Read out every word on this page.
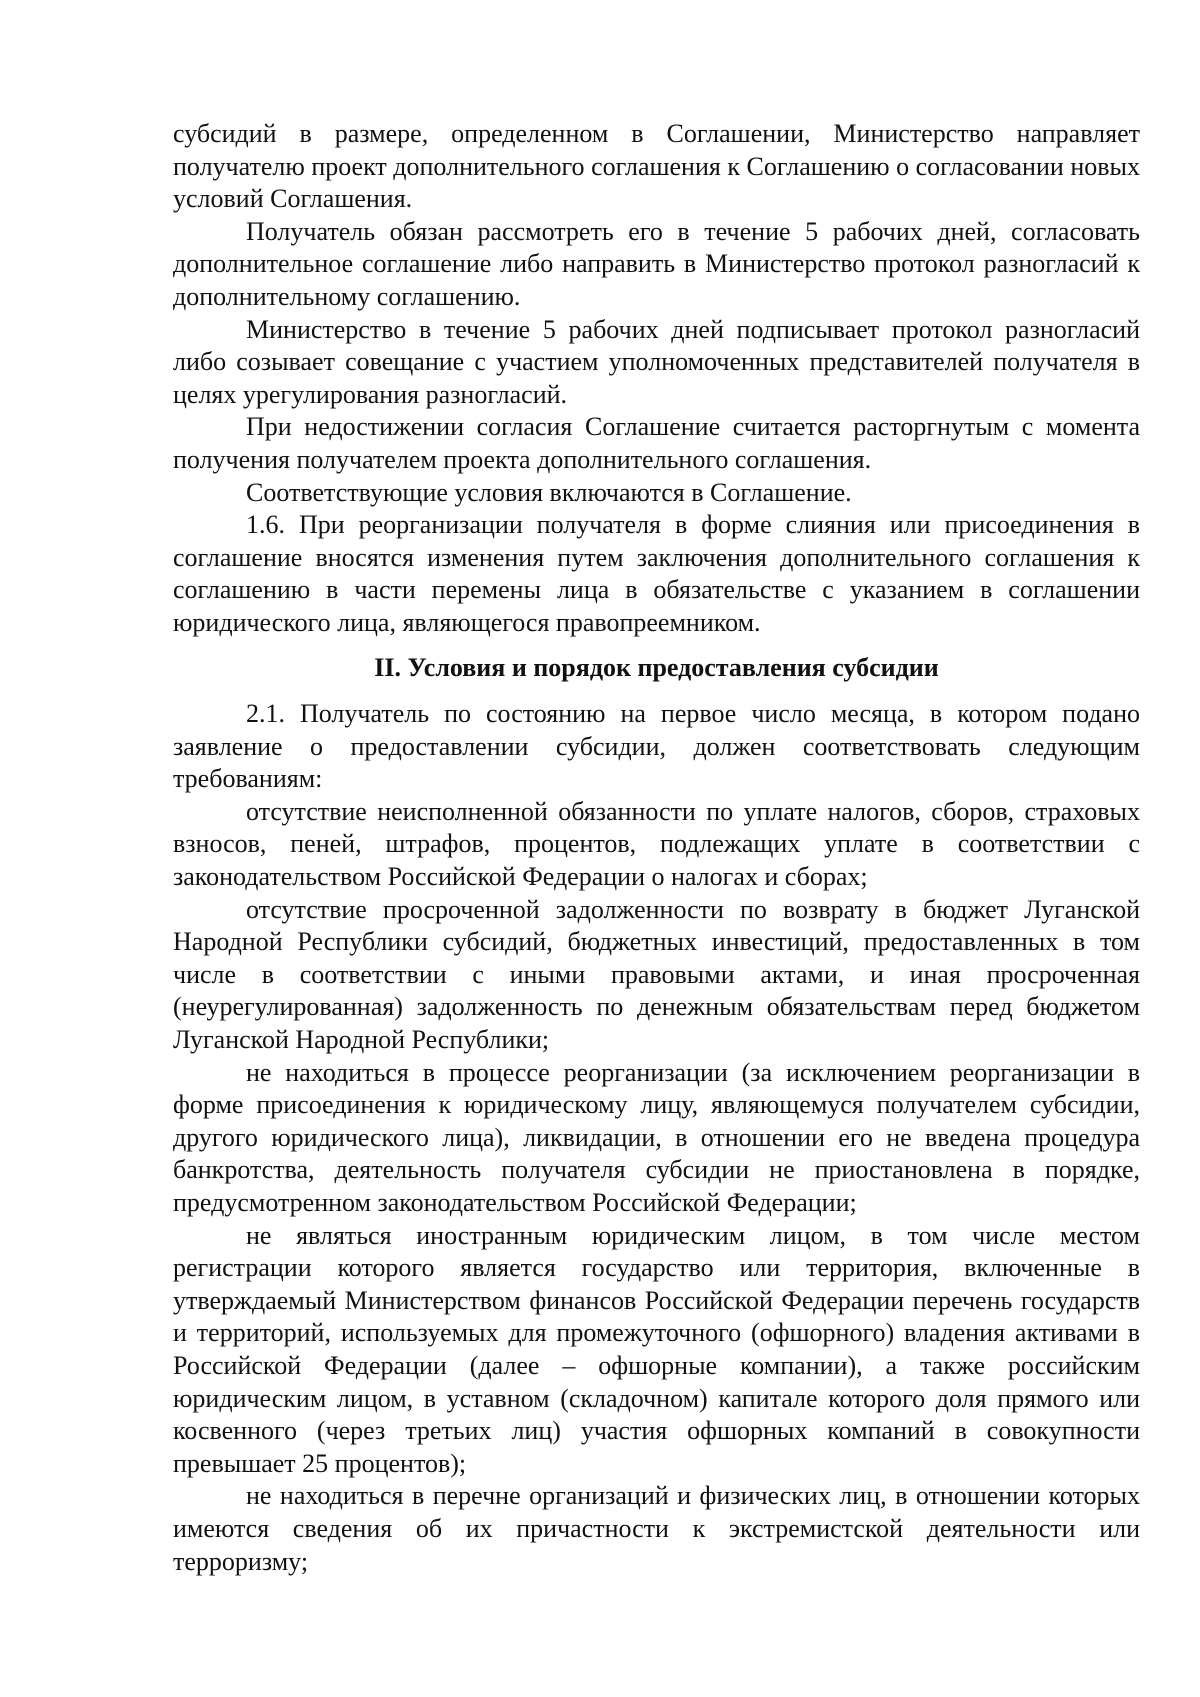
субсидий в размере, определенном в Соглашении, Министерство направляет получателю проект дополнительного соглашения к Соглашению о согласовании новых условий Соглашения.

Получатель обязан рассмотреть его в течение 5 рабочих дней, согласовать дополнительное соглашение либо направить в Министерство протокол разногласий к дополнительному соглашению.

Министерство в течение 5 рабочих дней подписывает протокол разногласий либо созывает совещание с участием уполномоченных представителей получателя в целях урегулирования разногласий.

При недостижении согласия Соглашение считается расторгнутым с момента получения получателем проекта дополнительного соглашения.

Соответствующие условия включаются в Соглашение.

1.6. При реорганизации получателя в форме слияния или присоединения в соглашение вносятся изменения путем заключения дополнительного соглашения к соглашению в части перемены лица в обязательстве с указанием в соглашении юридического лица, являющегося правопреемником.

II. Условия и порядок предоставления субсидии

2.1. Получатель по состоянию на первое число месяца, в котором подано заявление о предоставлении субсидии, должен соответствовать следующим требованиям:

отсутствие неисполненной обязанности по уплате налогов, сборов, страховых взносов, пеней, штрафов, процентов, подлежащих уплате в соответствии с законодательством Российской Федерации о налогах и сборах;

отсутствие просроченной задолженности по возврату в бюджет Луганской Народной Республики субсидий, бюджетных инвестиций, предоставленных в том числе в соответствии с иными правовыми актами, и иная просроченная (неурегулированная) задолженность по денежным обязательствам перед бюджетом Луганской Народной Республики;

не находиться в процессе реорганизации (за исключением реорганизации в форме присоединения к юридическому лицу, являющемуся получателем субсидии, другого юридического лица), ликвидации, в отношении его не введена процедура банкротства, деятельность получателя субсидии не приостановлена в порядке, предусмотренном законодательством Российской Федерации;

не являться иностранным юридическим лицом, в том числе местом регистрации которого является государство или территория, включенные в утверждаемый Министерством финансов Российской Федерации перечень государств и территорий, используемых для промежуточного (офшорного) владения активами в Российской Федерации (далее – офшорные компании), а также российским юридическим лицом, в уставном (складочном) капитале которого доля прямого или косвенного (через третьих лиц) участия офшорных компаний в совокупности превышает 25 процентов);

не находиться в перечне организаций и физических лиц, в отношении которых имеются сведения об их причастности к экстремистской деятельности или терроризму;
